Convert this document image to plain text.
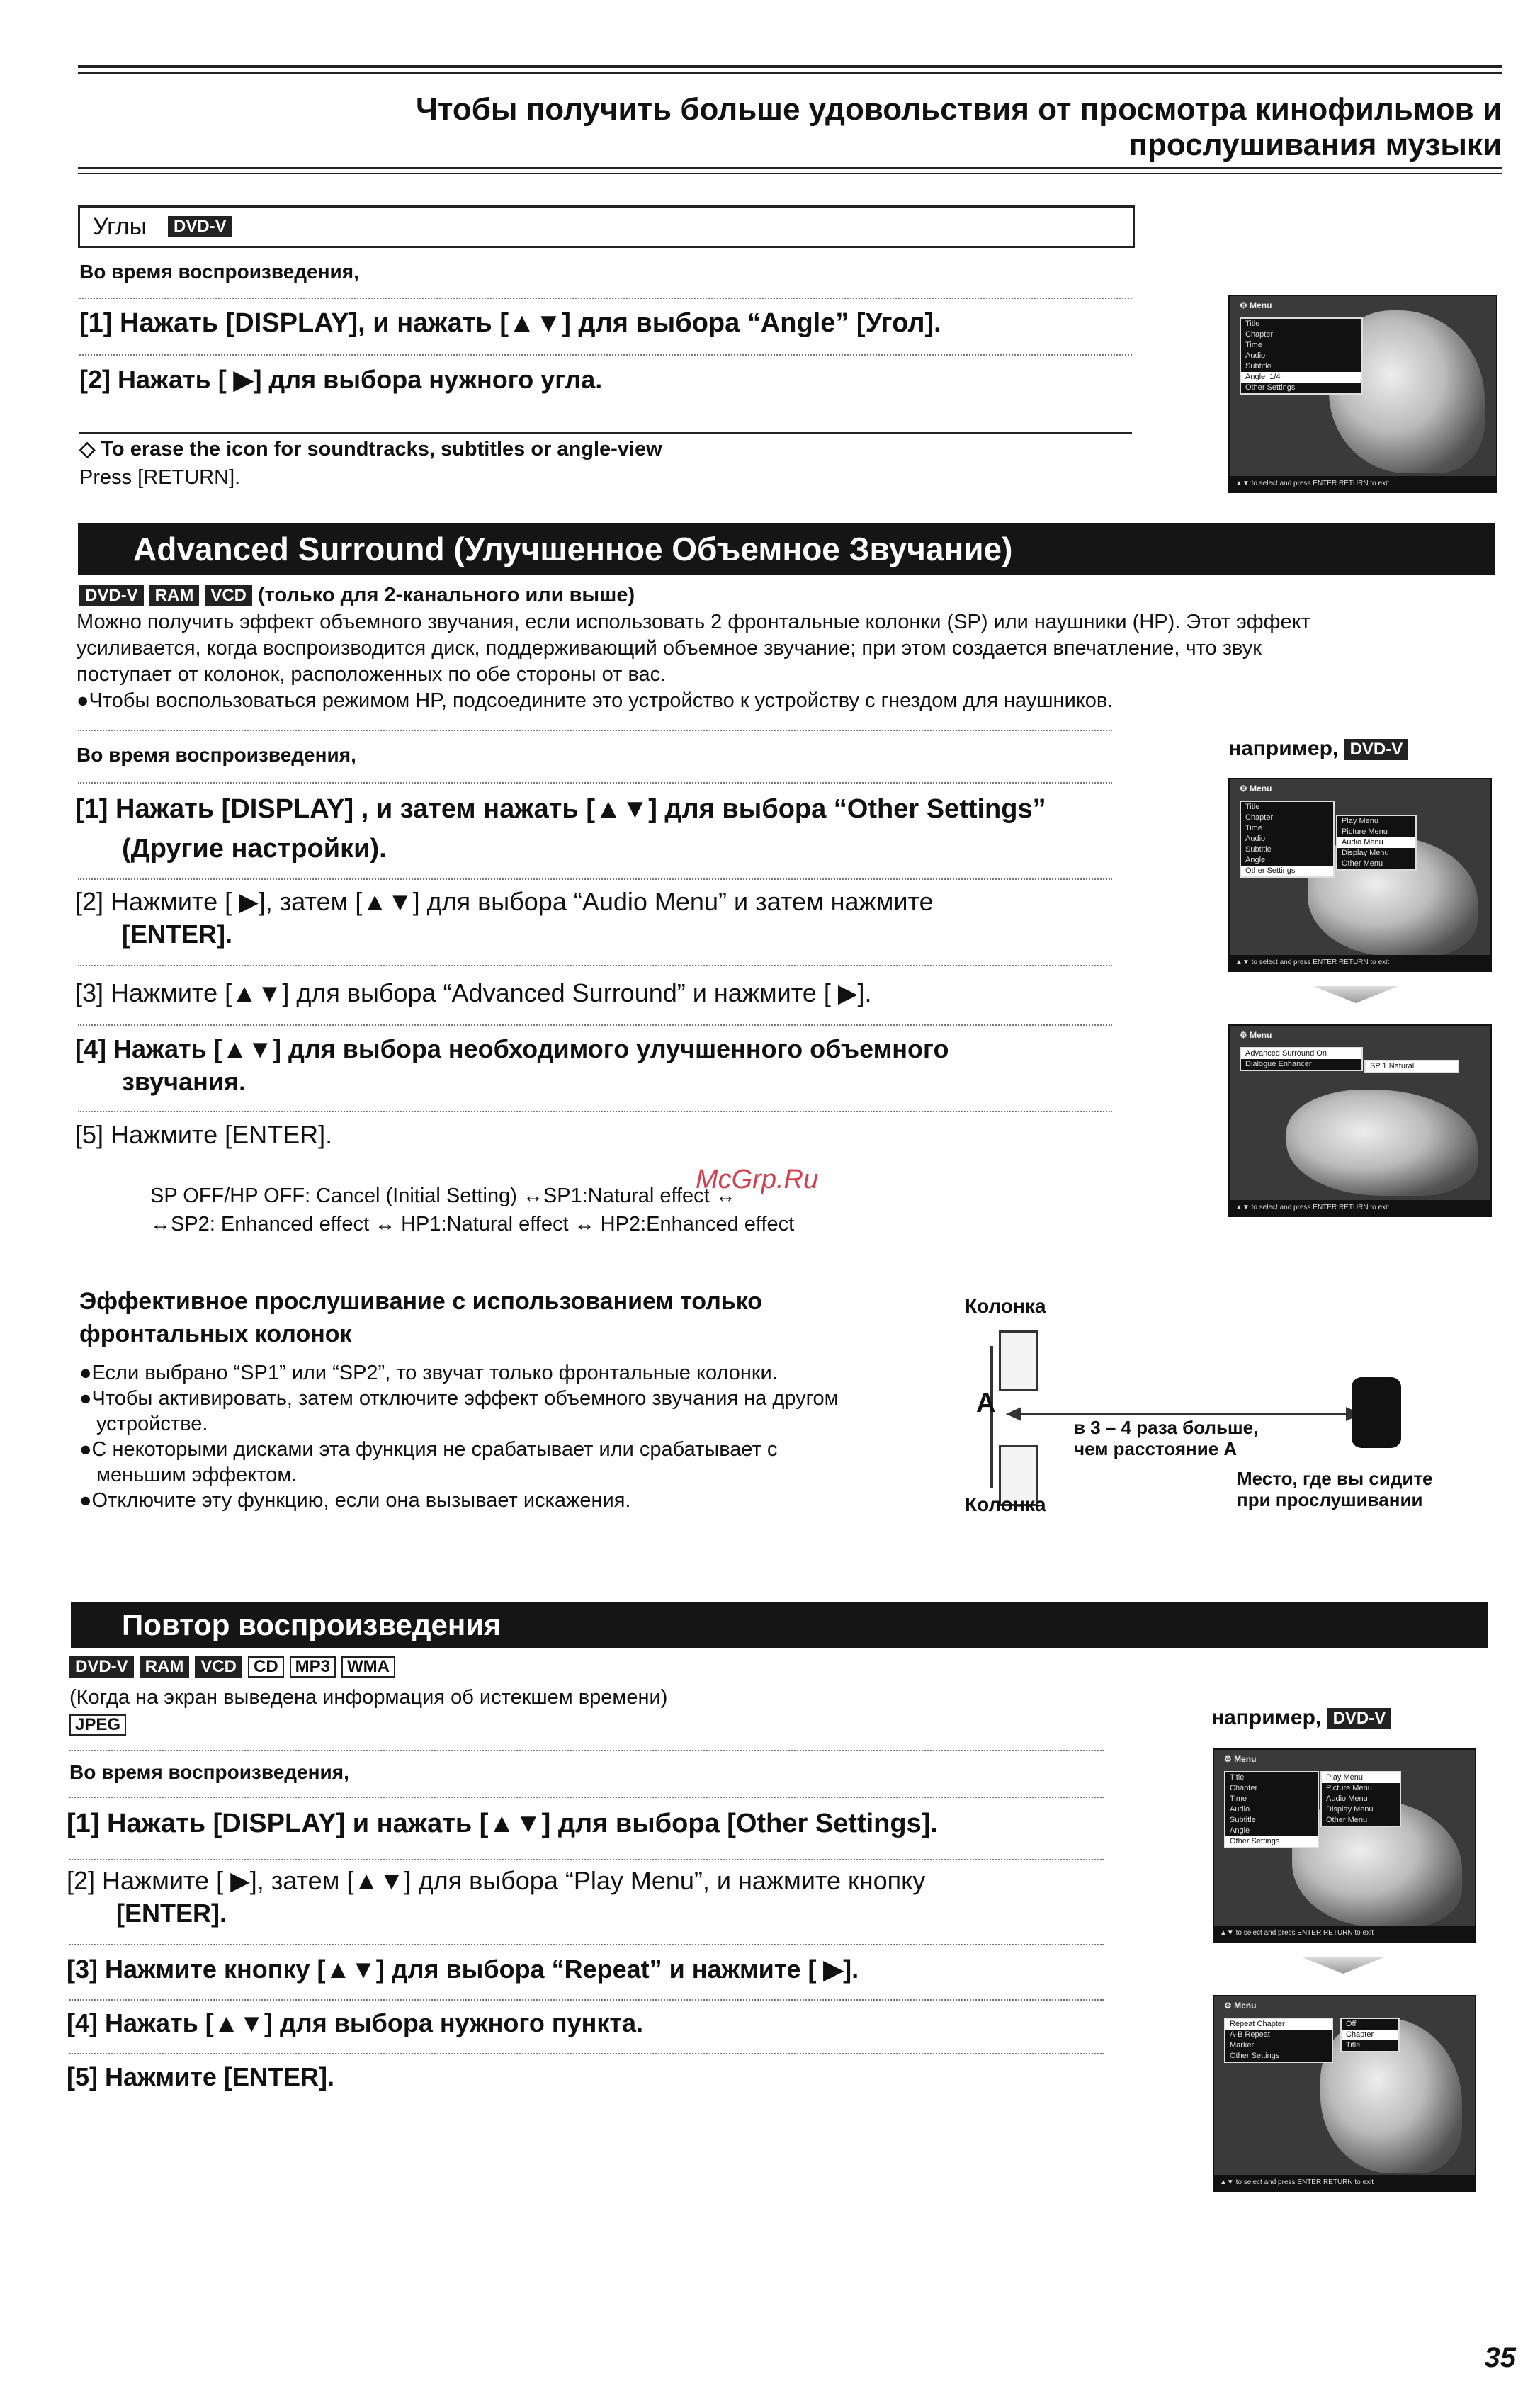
Чтобы получить больше удовольствия от просмотра кинофильмов и
прослушивания музыки
Углы	DVD-V
Во время воспроизведения,
[1] Нажать [DISPLAY], и нажать [▲▼] для выбора “Angle” [Угол].
[2] Нажать [ ▶] для выбора нужного угла.
◇ To erase the icon for soundtracks, subtitles or angle-view
Press [RETURN].
⚙ Menu
Title
Chapter
Time
Audio
Subtitle
Angle 1/4
Other Settings
▲▼ to select and press ENTER RETURN to exit
Advanced Surround (Улучшенное Объемное Звучание)
DVD-V RAM VCD (только для 2-канального или выше)
Можно получить эффект объемного звучания, если использовать 2 фронтальные колонки (SP) или наушники (HP). Этот эффект
усиливается, когда воспроизводится диск, поддерживающий объемное звучание; при этом создается впечатление, что звук
поступает от колонок, расположенных по обе стороны от вас.
●Чтобы воспользоваться режимом HP, подсоедините это устройство к устройству с гнездом для наушников.
Во время воспроизведения,	например, DVD-V
[1] Нажать [DISPLAY] , и затем нажать [▲▼] для выбора “Other Settings”
(Другие настройки).
[2] Нажмите [ ▶], затем [▲▼] для выбора “Audio Menu” и затем нажмите
[ENTER].
[3] Нажмите [▲▼] для выбора “Advanced Surround” и нажмите [ ▶].
[4] Нажать [▲▼] для выбора необходимого улучшенного объемного
звучания.
[5] Нажмите [ENTER].
SP OFF/HP OFF: Cancel (Initial Setting) ↔SP1:Natural effect ↔
↔SP2: Enhanced effect ↔ HP1:Natural effect ↔ HP2:Enhanced effect
McGrp.Ru
⚙ Menu
Title
Chapter
Time
Audio
Subtitle
Angle
Other Settings
Play Menu
Picture Menu
Audio Menu
Display Menu
Other Menu
▲▼ to select and press ENTER RETURN to exit
⚙ Menu
Advanced Surround On
Dialogue Enhancer	SP 1 Natural
▲▼ to select and press ENTER RETURN to exit
Эффективное прослушивание с использованием только
фронтальных колонок
●Если выбрано “SP1” или “SP2”, то звучат только фронтальные колонки.
●Чтобы активировать, затем отключите эффект объемного звучания на другом
устройстве.
●С некоторыми дисками эта функция не срабатывает или срабатывает с
меньшим эффектом.
●Отключите эту функцию, если она вызывает искажения.
Колонка
A
Колонка
в 3 – 4 раза больше,
чем расстояние A
Место, где вы сидите
при прослушивании
Повтор воспроизведения
DVD-V RAM VCD CD MP3 WMA
(Когда на экран выведена информация об истекшем времени)
JPEG	например, DVD-V
Во время воспроизведения,
[1] Нажать [DISPLAY] и нажать [▲▼] для выбора [Other Settings].
[2] Нажмите [ ▶], затем [▲▼] для выбора “Play Menu”, и нажмите кнопку
[ENTER].
[3] Нажмите кнопку [▲▼] для выбора “Repeat” и нажмите [ ▶].
[4] Нажать [▲▼] для выбора нужного пункта.
[5] Нажмите [ENTER].
⚙ Menu
Title
Chapter
Time
Audio
Subtitle
Angle
Other Settings
Play Menu
Picture Menu
Audio Menu
Display Menu
Other Menu
▲▼ to select and press ENTER RETURN to exit
⚙ Menu
Repeat Chapter
A-B Repeat
Marker
Other Settings
Off
Chapter
Title
▲▼ to select and press ENTER RETURN to exit
35
